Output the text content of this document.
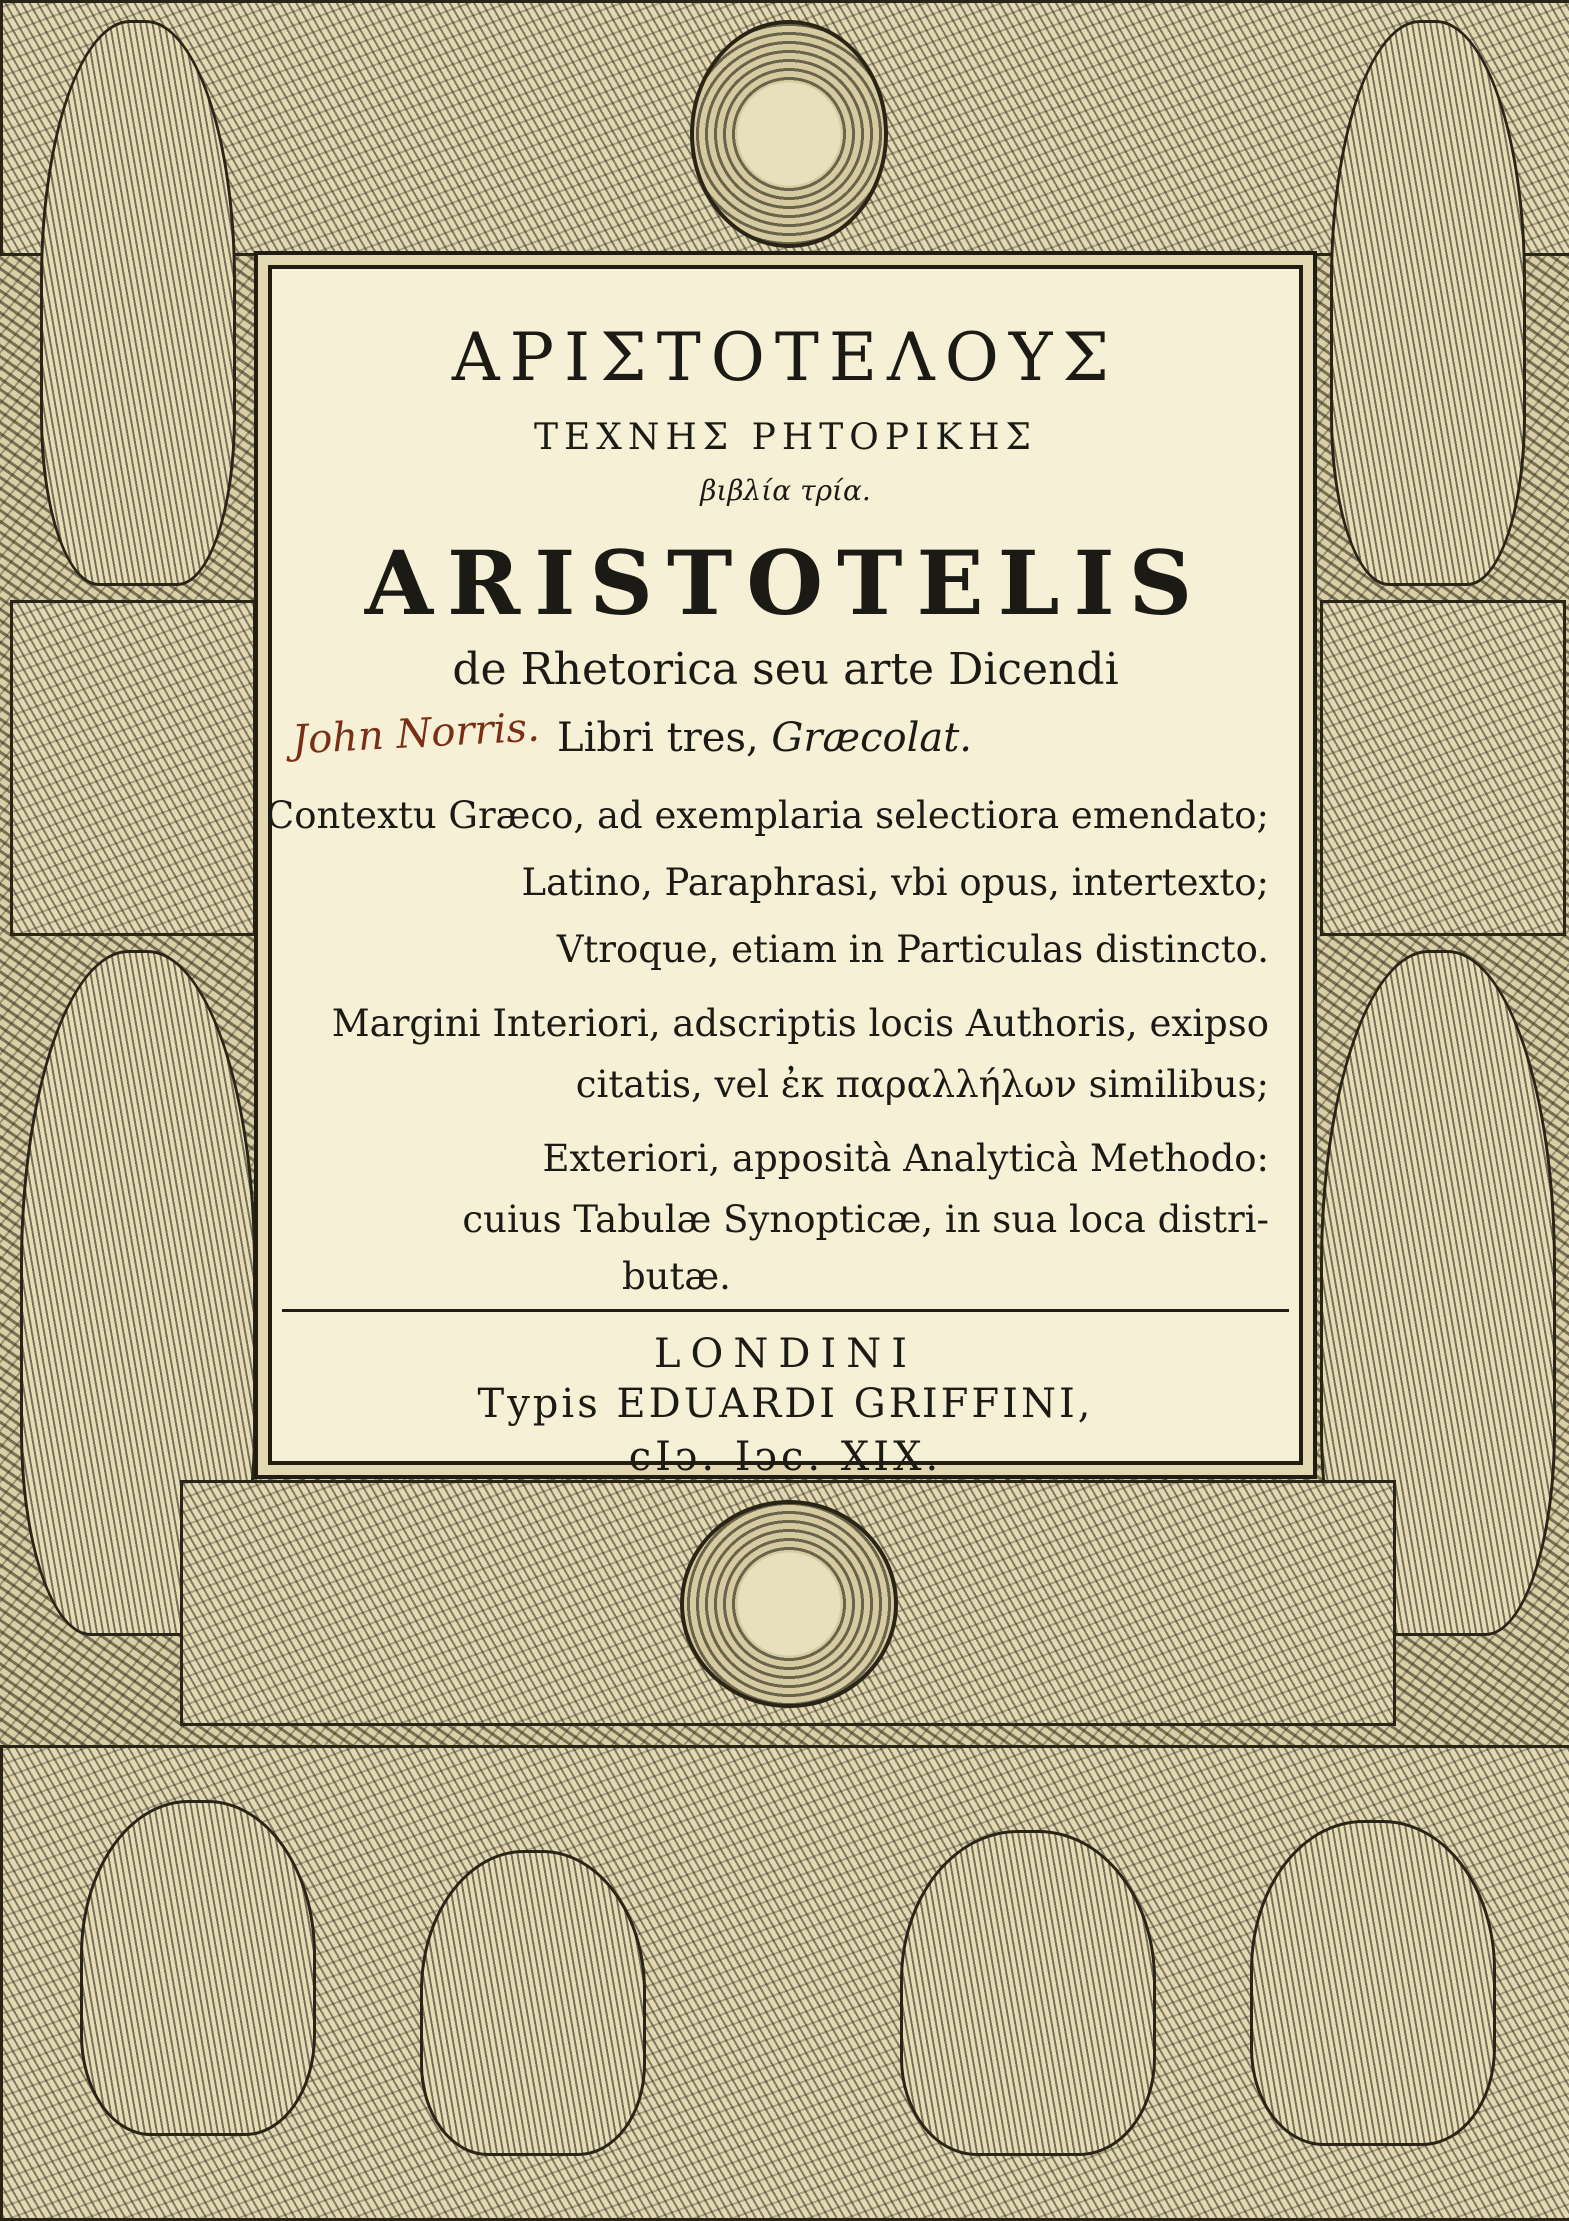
ΑΡΙΣΤΟΤΕΛΟΥΣ
ΤΕΧΝΗΣ ΡΗΤΟΡΙΚΗΣ
βιβλία τρία.
ARISTOTELIS
de Rhetorica seu arte Dicendi
John Norris. Libri tres, Græcolat.
Contextu Græco, ad exemplaria selectiora emendato;
Latino, Paraphrasi, vbi opus, intertexto;
Vtroque, etiam in Particulas distincto.
Margini Interiori, adscriptis locis Authoris, exipso
citatis, vel ἐκ παραλλήλων similibus;
Exteriori, apposità Analyticà Methodo:
cuius Tabulæ Synopticæ, in sua loca distri-
butæ.
LONDINI
Typis EDUARDI GRIFFINI,
cIↄ. Iↄc. XIX.
